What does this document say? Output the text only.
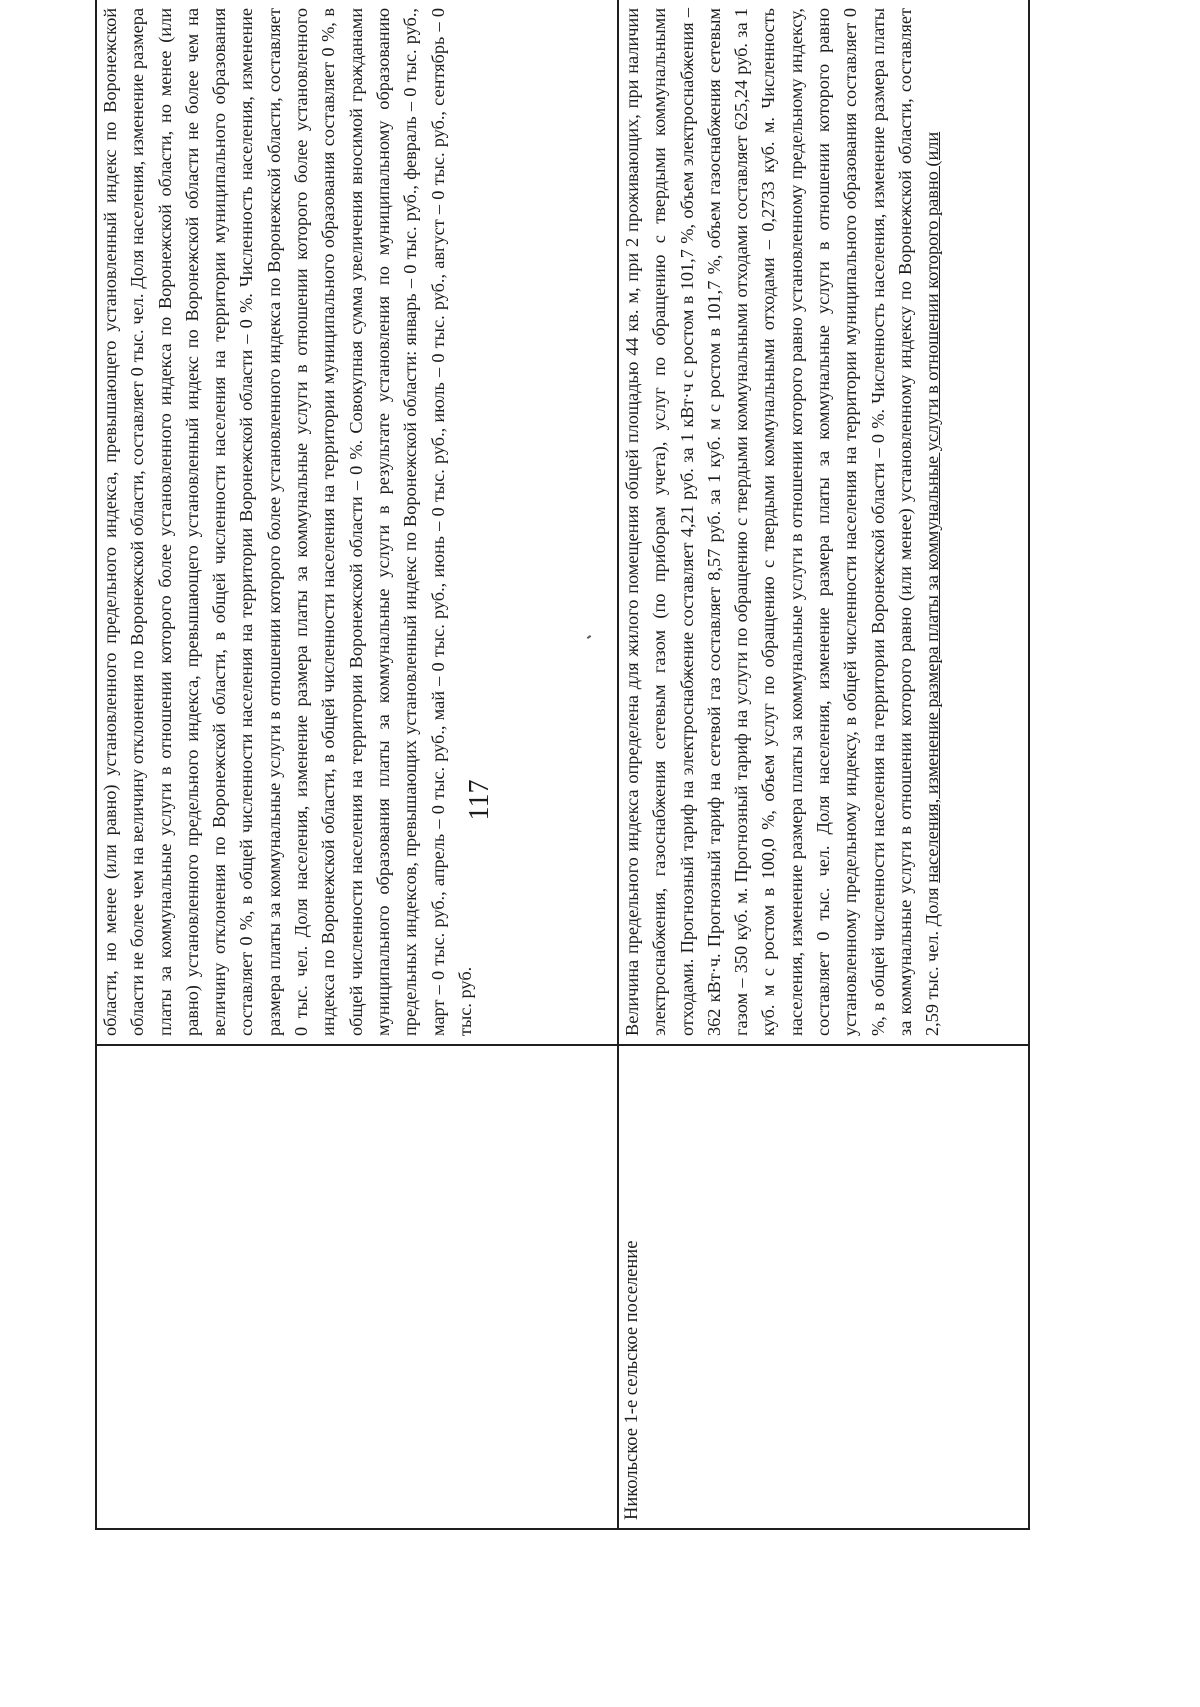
117
	области, но менее (или равно) установленного предельного индекса, превышающего установленный индекс по Воронежской области не более чем на величину отклонения по Воронежской области, составляет 0 тыс. чел. Доля населения, изменение размера платы за коммунальные услуги в отношении которого более установленного индекса по Воронежской области, но менее (или равно) установленного предельного индекса, превышающего установленный индекс по Воронежской области не более чем на величину отклонения по Воронежской области, в общей численности населения на территории муниципального образования составляет 0 %, в общей численности населения на территории Воронежской области – 0 %. Численность населения, изменение размера платы за коммунальные услуги в отношении которого более установленного индекса по Воронежской области, составляет 0 тыс. чел. Доля населения, изменение размера платы за коммунальные услуги в отношении которого более установленного индекса по Воронежской области, в общей численности населения на территории муниципального образования составляет 0 %, в общей численности населения на территории Воронежской области – 0 %. Совокупная сумма увеличения вносимой гражданами муниципального образования платы за коммунальные услуги в результате установления по муниципальному образованию предельных индексов, превышающих установленный индекс по Воронежской области: январь – 0 тыс. руб., февраль – 0 тыс. руб., март – 0 тыс. руб., апрель – 0 тыс. руб., май – 0 тыс. руб., июнь – 0 тыс. руб., июль – 0 тыс. руб., август – 0 тыс. руб., сентябрь – 0 тыс. руб.
Никольское 1-е сельское поселение	Величина предельного индекса определена для жилого помещения общей площадью 44 кв. м, при 2 проживающих, при наличии электроснабжения, газоснабжения сетевым газом (по приборам учета), услуг по обращению с твердыми коммунальными отходами. Прогнозный тариф на электроснабжение составляет 4,21 руб. за 1 кВт·ч с ростом в 101,7 %, объем электроснабжения – 362 кВт·ч. Прогнозный тариф на сетевой газ составляет 8,57 руб. за 1 куб. м с ростом в 101,7 %, объем газоснабжения сетевым газом – 350 куб. м. Прогнозный тариф на услуги по обращению с твердыми коммунальными отходами составляет 625,24 руб. за 1 куб. м с ростом в 100,0 %, объем услуг по обращению с твердыми коммунальными отходами – 0,2733 куб. м. Численность населения, изменение размера платы за коммунальные услуги в отношении которого равно установленному предельному индексу, составляет 0 тыс. чел. Доля населения, изменение размера платы за коммунальные услуги в отношении которого равно установленному предельному индексу, в общей численности населения на территории муниципального образования составляет 0 %, в общей численности населения на территории Воронежской области – 0 %. Численность населения, изменение размера платы за коммунальные услуги в отношении которого равно (или менее) установленному индексу по Воронежской области, составляет 2,59 тыс. чел. Доля населения, изменение размера платы за коммунальные услуги в отношении которого равно (или
